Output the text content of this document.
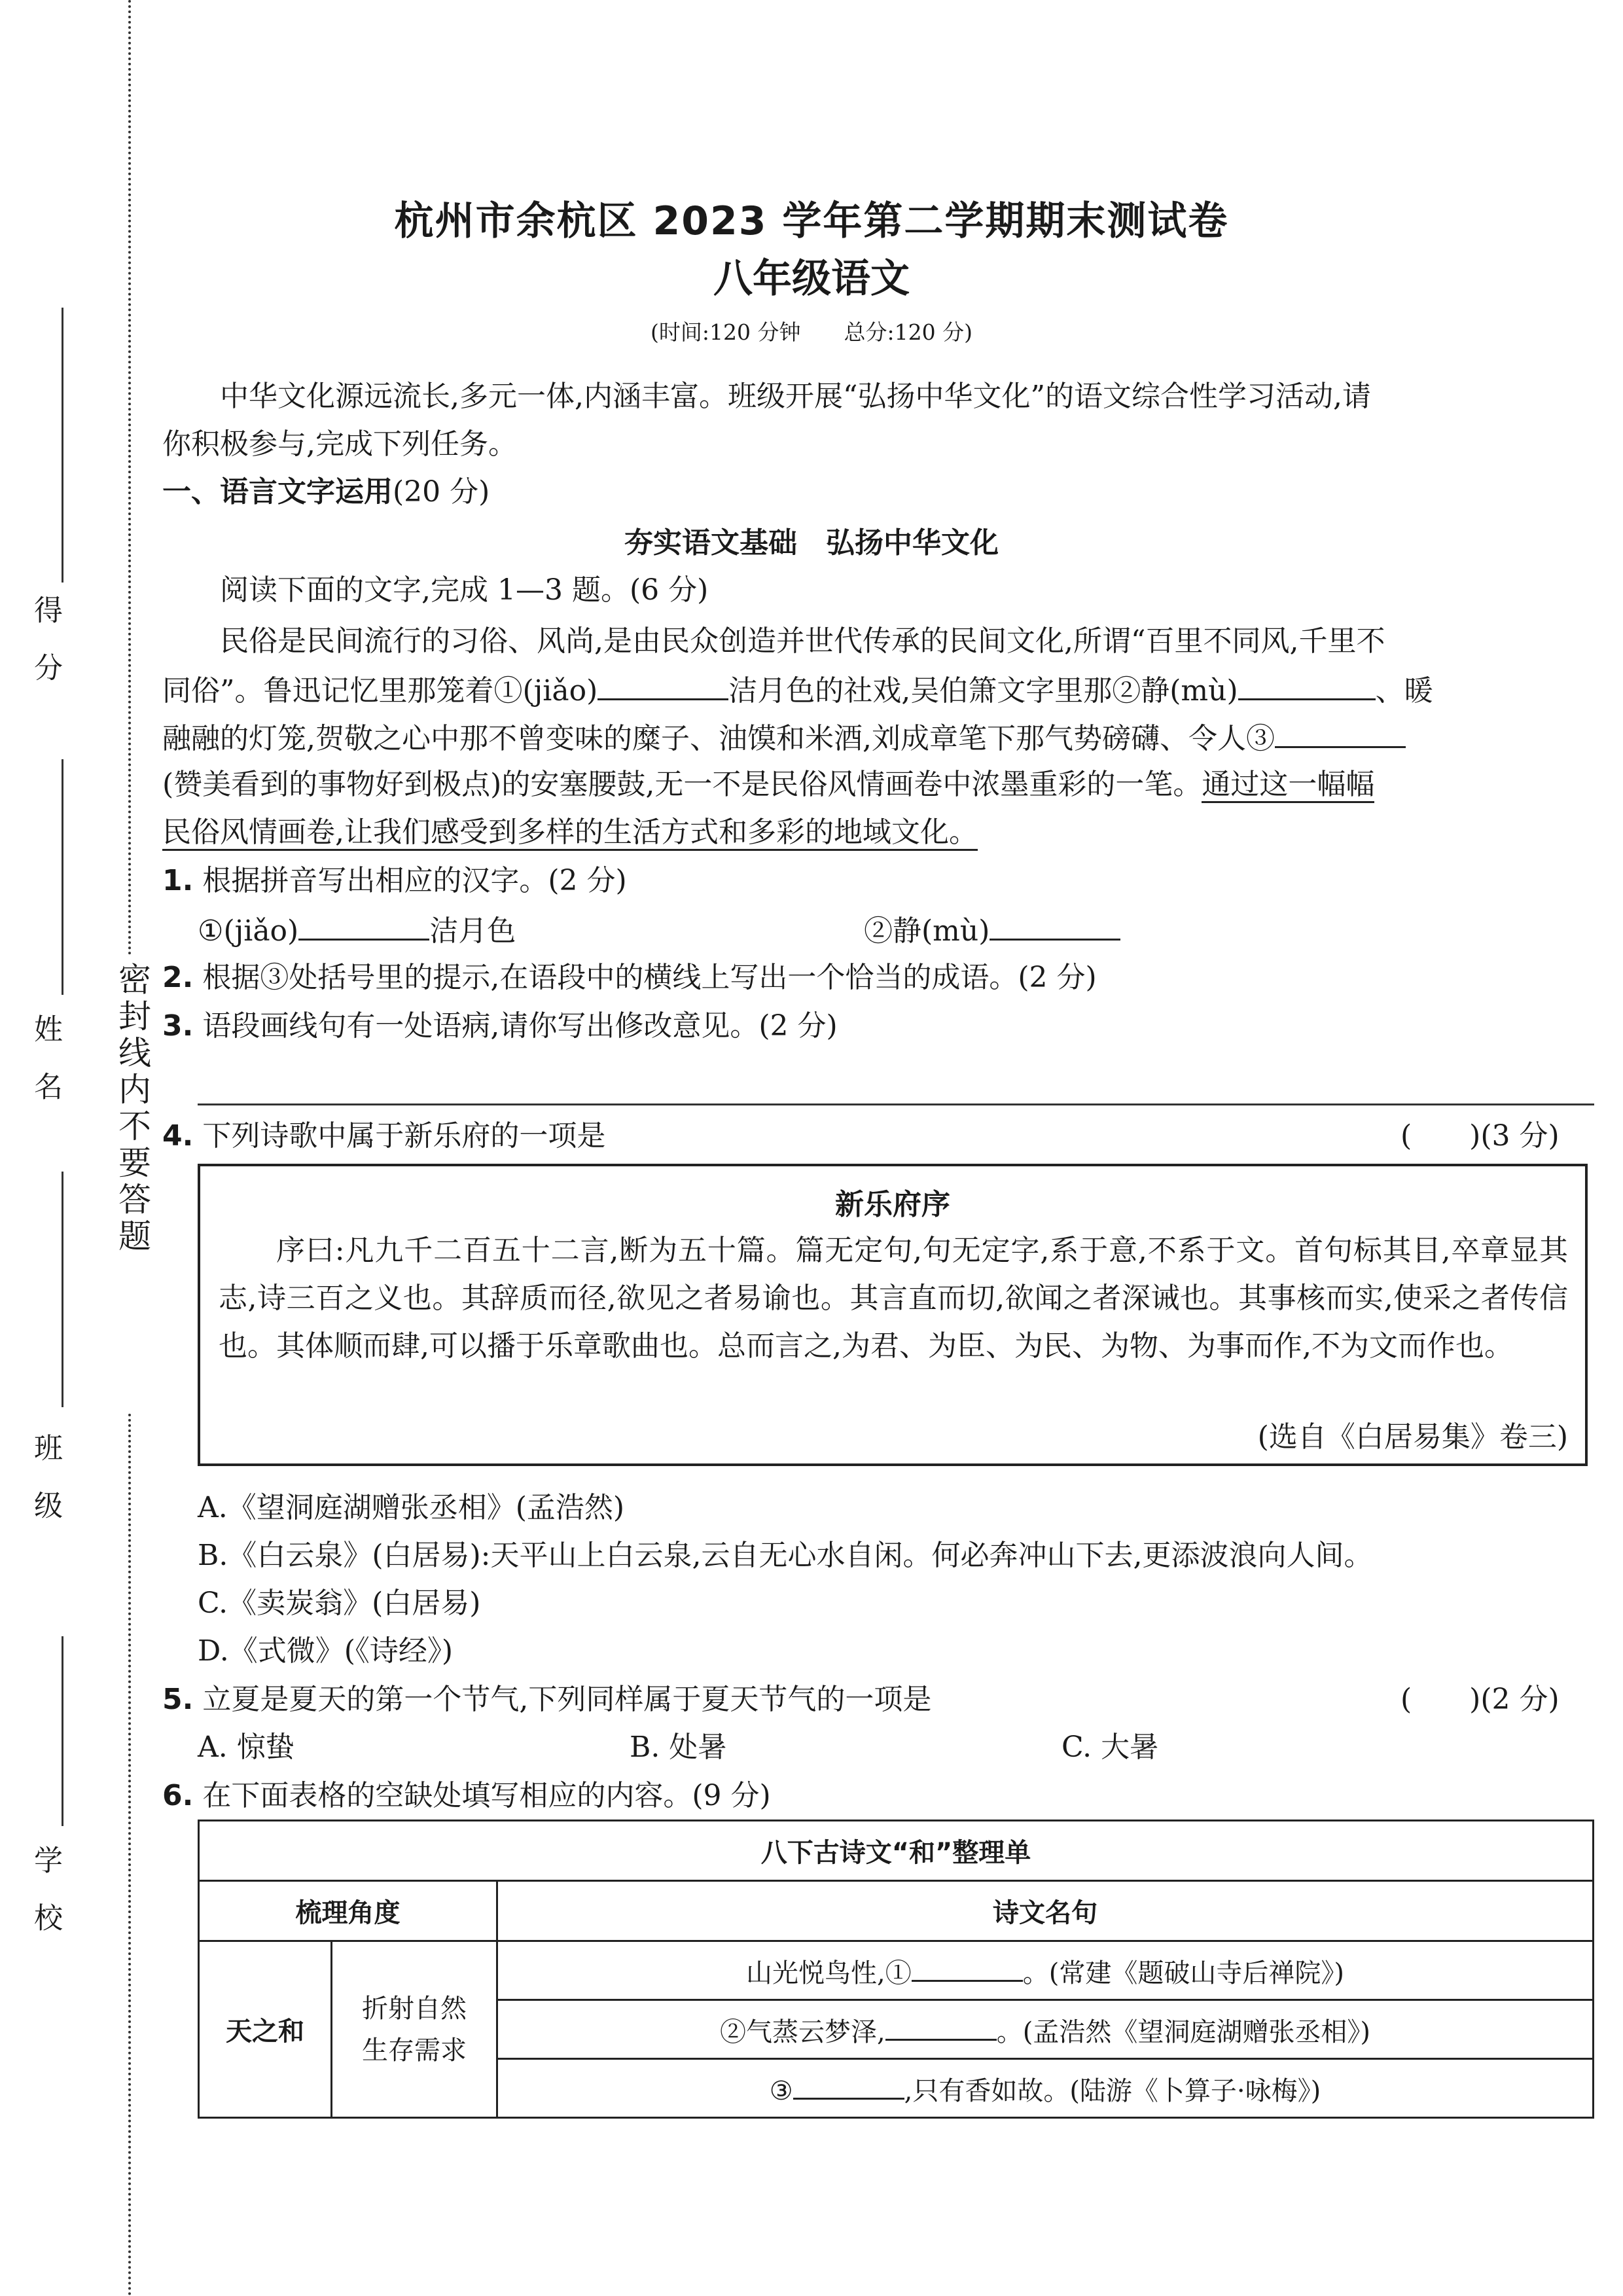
得　分
姓　名
班　级
学　校
密封线内不要答题
杭州市余杭区 2023 学年第二学期期末测试卷
八年级语文
(时间:120 分钟　　总分:120 分)
中华文化源远流长,多元一体,内涵丰富。班级开展“弘扬中华文化”的语文综合性学习活动,请
你积极参与,完成下列任务。
一、语言文字运用(20 分)
夯实语文基础　弘扬中华文化
阅读下面的文字,完成 1—3 题。(6 分)
民俗是民间流行的习俗、风尚,是由民众创造并世代传承的民间文化,所谓“百里不同风,千里不
同俗”。鲁迅记忆里那笼着①(jiǎo)	洁月色的社戏,吴伯箫文字里那②静(mù)	、暖
融融的灯笼,贺敬之心中那不曾变味的糜子、油馍和米酒,刘成章笔下那气势磅礴、令人③
(赞美看到的事物好到极点)的安塞腰鼓,无一不是民俗风情画卷中浓墨重彩的一笔。通过这一幅幅
民俗风情画卷,让我们感受到多样的生活方式和多彩的地域文化。
1. 根据拼音写出相应的汉字。(2 分)
①(jiǎo)	洁月色	②静(mù)
2. 根据③处括号里的提示,在语段中的横线上写出一个恰当的成语。(2 分)
3. 语段画线句有一处语病,请你写出修改意见。(2 分)
4. 下列诗歌中属于新乐府的一项是	(　　)(3 分)
新乐府序
序曰:凡九千二百五十二言,断为五十篇。篇无定句,句无定字,系于意,不系于文。首句标其目,卒章显其志,诗三百之义也。其辞质而径,欲见之者易谕也。其言直而切,欲闻之者深诫也。其事核而实,使采之者传信也。其体顺而肆,可以播于乐章歌曲也。总而言之,为君、为臣、为民、为物、为事而作,不为文而作也。
(选自《白居易集》卷三)
A.《望洞庭湖赠张丞相》(孟浩然)
B.《白云泉》(白居易):天平山上白云泉,云自无心水自闲。何必奔冲山下去,更添波浪向人间。
C.《卖炭翁》(白居易)
D.《式微》(《诗经》)
5. 立夏是夏天的第一个节气,下列同样属于夏天节气的一项是	(　　)(2 分)
A. 惊蛰	B. 处暑	C. 大暑
6. 在下面表格的空缺处填写相应的内容。(9 分)
八下古诗文“和”整理单		
梳理角度		诗文名句
天之和	折射自然生存需求	山光悦鸟性,① 。(常建《题破山寺后禅院》)
		②气蒸云梦泽, 。(孟浩然《望洞庭湖赠张丞相》)
		③ ,只有香如故。(陆游《卜算子·咏梅》)
